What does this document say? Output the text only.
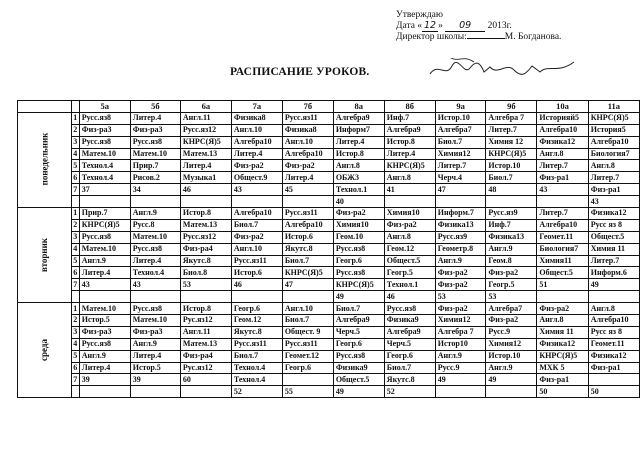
Утверждаю
Дата « 12 » 09 2013г.
Директор школы:	М. Богданова.
РАСПИСАНИЕ УРОКОВ.
		5а	5б	6а	7а	7б	8а	8б	9а	9б	10а	11а
понедельник	1	Русс.яз8	Литер.4	Англ.11	Физика8	Русс.яз11	Алгебра9	Инф.7	Истор.10	Алгебра 7	Историяй5	КНРС(Я)5
	2	Физ-ра3	Физ-ра3	Русс.яз12	Англ.10	Физика8	Информ7	Алгебра9	Алгебра7	Литер.7	Алгебра10	История5
	3	Русс.яз8	Русс.яз8	КНРС(Я)5	Алгебра10	Англ.10	Литер.4	Истор.8	Биол.7	Химия 12	Физика12	Алгебра10
	4	Матем.10	Матем.10	Матем.13	Литер.4	Алгебра10	Истор.8	Литер.4	Химия12	КНРС(Я)5	Англ.8	Биология7
	5	Технол.4	Прир.7	Литер.4	Физ-ра2	Физ-ра2	Англ.8	КНРС(Я)5	Литер.7	Истор.10	Литер.7	Англ.8
	6	Технол.4	Рисов.2	Музыка1	Общест.9	Литер.4	ОБЖ3	Англ.8	Черч.4	Биол.7	Физ-ра1	Литер.7
	7	37	34	46	43	45	Технол.1	41	47	48	43	Физ-ра1
							40					43
вторник	1	Прир.7	Англ.9	Истор.8	Алгебра10	Русс.яз11	Физ-ра2	Химия10	Информ.7	Русс.яз9	Литер.7	Физика12
	2	КНРС(Я)5	Русс.8	Матем.13	Биол.7	Алгебра10	Химия10	Физ-ра2	Физика13	Инф.7	Алгебра10	Русс яз 8
	3	Русс.яз8	Матем.10	Русс.яз12	Физ-ра2	Истор.6	Геом.10	Англ.8	Русс.яз9	Физика13	Геомет.11	Общест.5
	4	Матем.10	Русс.яз8	Физ-ра4	Англ.10	Якутс.8	Русс.яз8	Геом.12	Геометр.8	Англ.9	Биология7	Химия 11
	5	Англ.9	Литер.4	Якутс.8	Русс.яз11	Биол.7	Геогр.6	Общест.5	Англ.9	Геом.8	Химия11	Литер.7
	6	Литер.4	Технол.4	Биол.8	Истор.6	КНРС(Я)5	Русс.яз8	Геогр.5	Физ-ра2	Физ-ра2	Общест.5	Информ.6
	7	43	43	53	46	47	КНРС(Я)5	Технол.1	Физ-ра2	Геогр.5	51	49
							49	46	53	53		
среда	1	Матем.10	Русс.яз8	Истор.8	Геогр.6	Англ.10	Биол.7	Русс.яз8	Физ-ра2	Алгебра7	Физ-ра2	Англ.8
	2	Истор.5	Матем.10	Рус.яз12	Геом.12	Биол.7	Алгебра9	Физика9	Химия12	Физ-ра2	Англ.8	Алгебра10
	3	Физ-ра3	Физ-ра3	Англ.11	Якутс.8	Общест. 9	Черч.5	Алгебра9	Алгебра 7	Русс.9	Химия 11	Русс яз 8
	4	Русс.яз8	Англ.9	Матем.13	Русс.яз11	Русс.яз11	Геогр.6	Черч.5	Истор10	Химия12	Физика12	Геомет.11
	5	Англ.9	Литер.4	Физ-ра4	Биол.7	Геомет.12	Русс.яз8	Геогр.6	Англ.9	Истор.10	КНРС(Я)5	Физика12
	6	Литер.4	Истор.5	Рус.яз12	Технол.4	Геогр.6	Физика9	Биол.7	Русс.9	Англ.9	МХК 5	Физ-ра1
	7	39	39	60	Технол.4		Общест.5	Якутс.8	49	49	Физ-ра1	
					52	55	49	52			50	50
